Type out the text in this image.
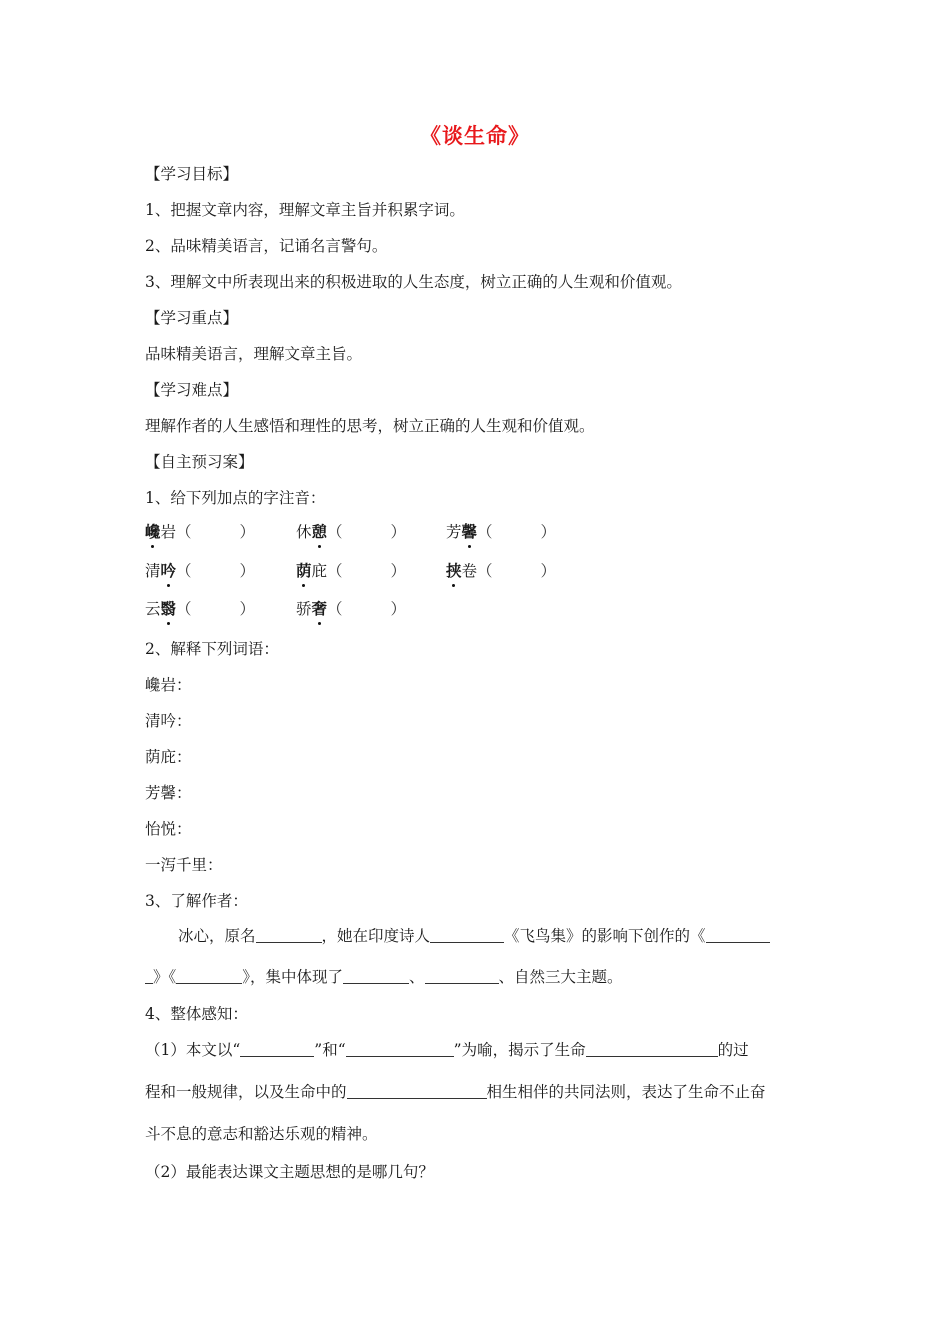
《谈生命》
【学习目标】
1、把握文章内容，理解文章主旨并积累字词。
2、品味精美语言，记诵名言警句。
3、理解文中所表现出来的积极进取的人生态度，树立正确的人生观和价值观。
【学习重点】
品味精美语言，理解文章主旨。
【学习难点】
理解作者的人生感悟和理性的思考，树立正确的人生观和价值观。
【自主预习案】
1、给下列加点的字注音：
巉岩（	）	休憩（	）	芳馨（	）
清吟（	）	荫庇（	）	挟卷（	）
云翳（	）	骄奢（	）
2、解释下列词语：
巉岩：
清吟：
荫庇：
芳馨：
怡悦：
一泻千里：
3、了解作者：
冰心，原名	，她在印度诗人	《飞鸟集》的影响下创作的《
》《	》，集中体现了	、	、自然三大主题。
4、整体感知：
（1）本文以“	”和“	”为喻，揭示了生命	的过
程和一般规律，以及生命中的	相生相伴的共同法则，表达了生命不止奋
斗不息的意志和豁达乐观的精神。
（2）最能表达课文主题思想的是哪几句？
